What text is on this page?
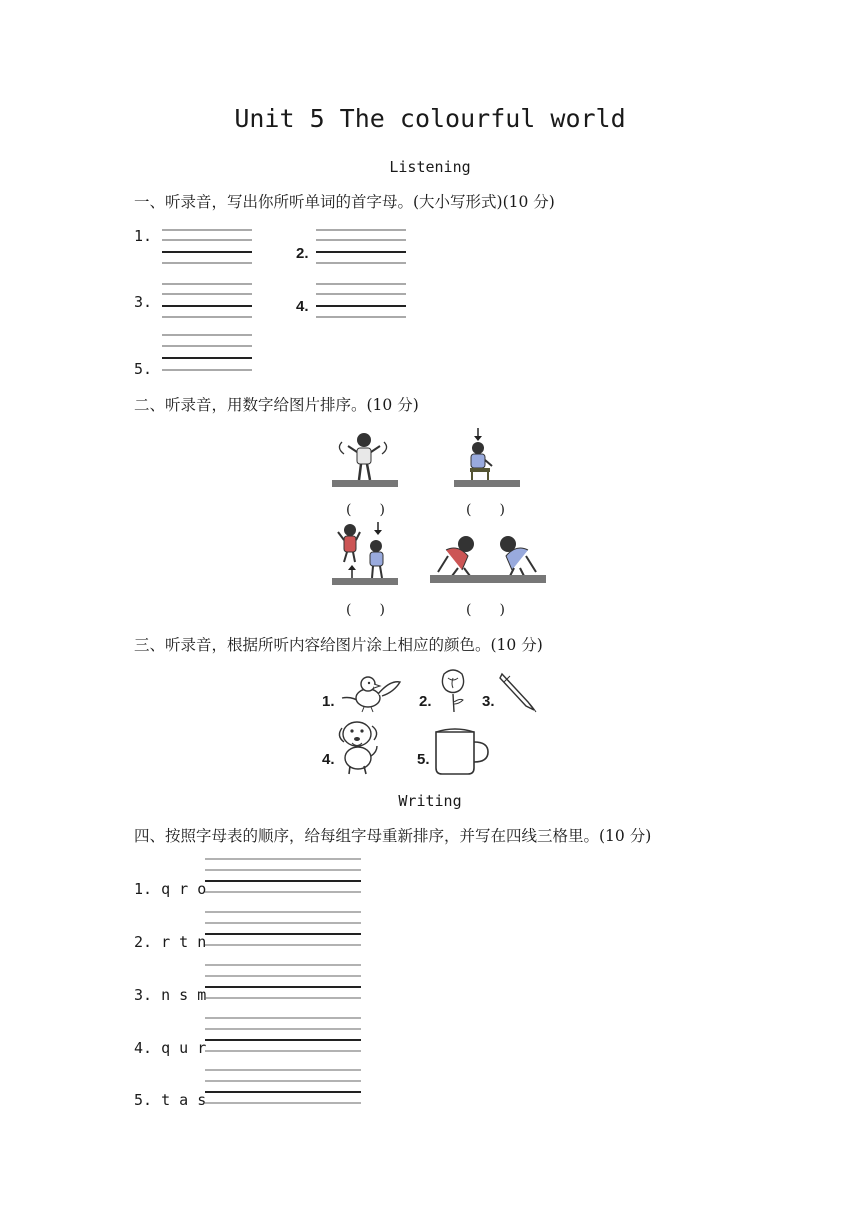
Unit 5 The colourful world
Listening
一、听录音，写出你所听单词的首字母。(大小写形式)(10 分)
1.
2.
3.	4.
5.
二、听录音，用数字给图片排序。(10 分)
(　　)	(　　)
(　　)	(　　)
三、听录音，根据所听内容给图片涂上相应的颜色。(10 分)
1.	2.	3.
4.	5.
Writing
四、按照字母表的顺序，给每组字母重新排序，并写在四线三格里。(10 分)
1. q r o
2. r t n
3. n s m
4. q u r
5. t a s
